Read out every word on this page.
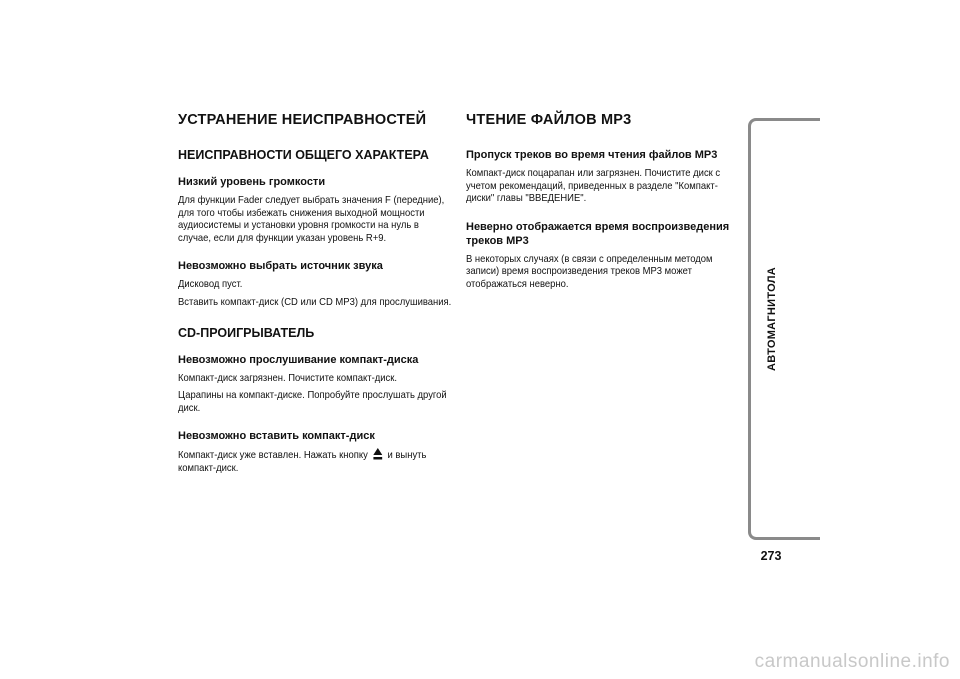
УСТРАНЕНИЕ НЕИСПРАВНОСТЕЙ
НЕИСПРАВНОСТИ ОБЩЕГО ХАРАКТЕРА
Низкий уровень громкости
Для функции Fader следует выбрать значения F (передние), для того чтобы избежать снижения выходной мощности аудиосистемы и установки уровня громкости на нуль в случае, если для функции указан уровень R+9.
Невозможно выбрать источник звука
Дисковод пуст.
Вставить компакт-диск (CD или CD MP3) для прослушивания.
CD-ПРОИГРЫВАТЕЛЬ
Невозможно прослушивание компакт-диска
Компакт-диск загрязнен. Почистите компакт-диск.
Царапины на компакт-диске. Попробуйте прослушать другой диск.
Невозможно вставить компакт-диск
Компакт-диск уже вставлен. Нажать кнопку и вынуть компакт-диск.
ЧТЕНИЕ ФАЙЛОВ MP3
Пропуск треков во время чтения файлов MP3
Компакт-диск поцарапан или загрязнен. Почистите диск с учетом рекомендаций, приведенных в разделе "Компакт-диски" главы "ВВЕДЕНИЕ".
Неверно отображается время воспроизведения треков MP3
В некоторых случаях (в связи с определенным методом записи) время воспроизведения треков MP3 может отображаться неверно.	АВТОМАГНИТОЛА
273
carmanualsonline.info
